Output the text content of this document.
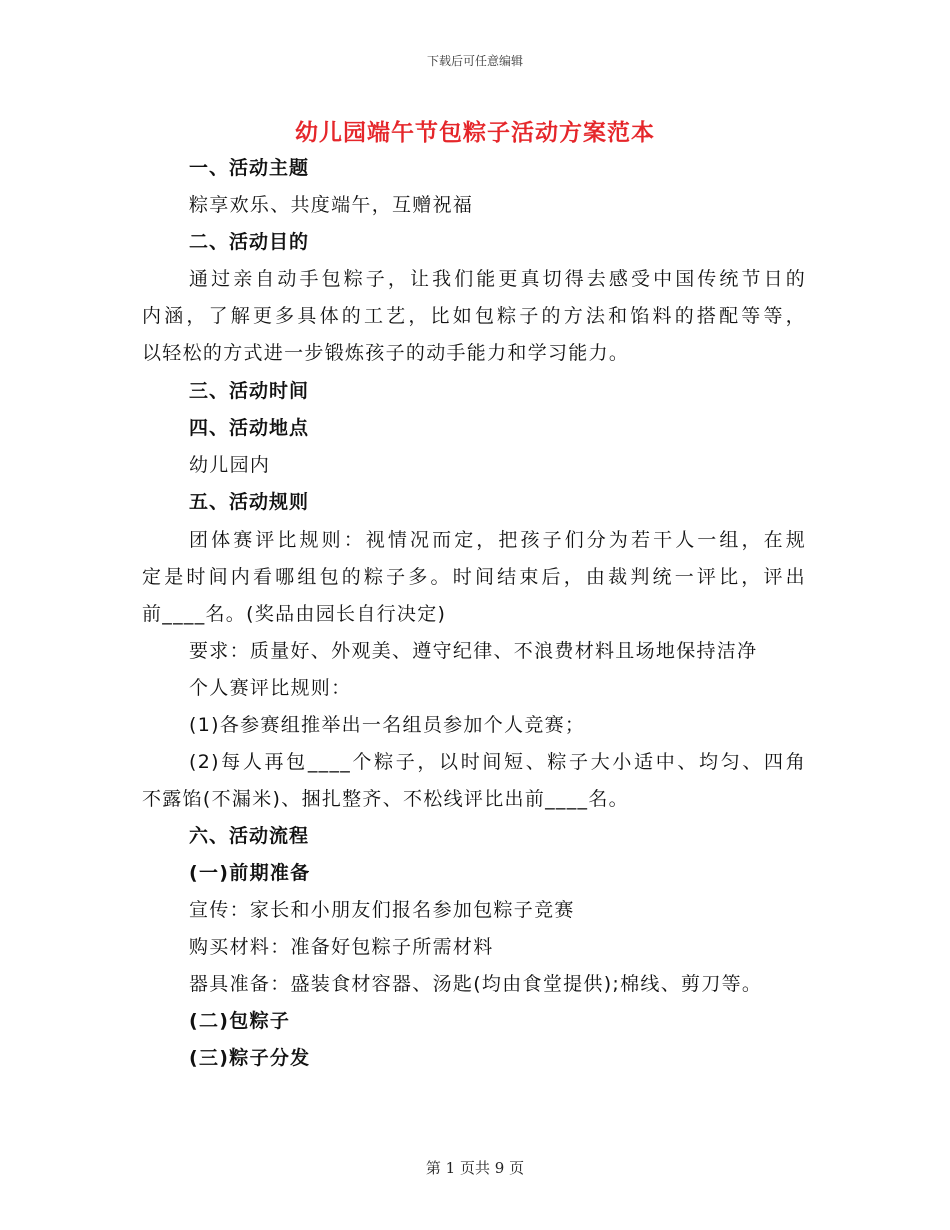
下载后可任意编辑
幼儿园端午节包粽子活动方案范本
一、活动主题
粽享欢乐、共度端午，互赠祝福
二、活动目的
通过亲自动手包粽子，让我们能更真切得去感受中国传统节日的
内涵，了解更多具体的工艺，比如包粽子的方法和馅料的搭配等等，
以轻松的方式进一步锻炼孩子的动手能力和学习能力。
三、活动时间
四、活动地点
幼儿园内
五、活动规则
团体赛评比规则：视情况而定，把孩子们分为若干人一组，在规
定是时间内看哪组包的粽子多。时间结束后，由裁判统一评比，评出
前____名。(奖品由园长自行决定)
要求：质量好、外观美、遵守纪律、不浪费材料且场地保持洁净
个人赛评比规则：
(1)各参赛组推举出一名组员参加个人竞赛；
(2)每人再包____个粽子，以时间短、粽子大小适中、均匀、四角
不露馅(不漏米)、捆扎整齐、不松线评比出前____名。
六、活动流程
(一)前期准备
宣传：家长和小朋友们报名参加包粽子竞赛
购买材料：准备好包粽子所需材料
器具准备：盛装食材容器、汤匙(均由食堂提供);棉线、剪刀等。
(二)包粽子
(三)粽子分发
第 1 页共 9 页
